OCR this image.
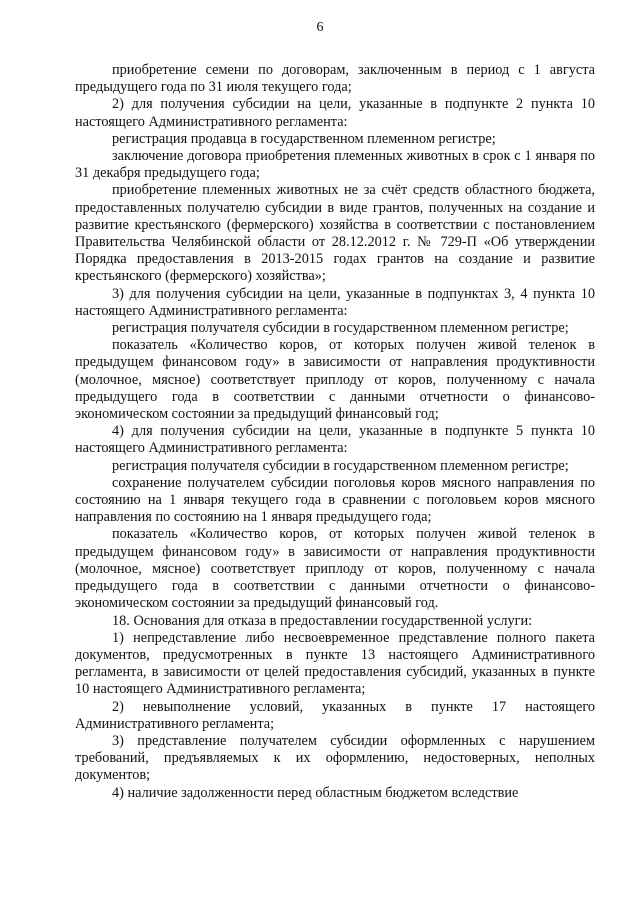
6

приобретение семени по договорам, заключенным в период с 1 августа предыдущего года по 31 июля текущего года;

2) для получения субсидии на цели, указанные в подпункте 2 пункта 10 настоящего Административного регламента:

регистрация продавца в государственном племенном регистре;

заключение договора приобретения племенных животных в срок с 1 января по 31 декабря предыдущего года;

приобретение племенных животных не за счёт средств областного бюджета, предоставленных получателю субсидии в виде грантов, полученных на создание и развитие крестьянского (фермерского) хозяйства в соответствии с постановлением Правительства Челябинской области от 28.12.2012 г. № 729-П «Об утверждении Порядка предоставления в 2013-2015 годах грантов на создание и развитие крестьянского (фермерского) хозяйства»;

3) для получения субсидии на цели, указанные в подпунктах 3, 4 пункта 10 настоящего Административного регламента:

регистрация получателя субсидии в государственном племенном регистре;

показатель «Количество коров, от которых получен живой теленок в предыдущем финансовом году» в зависимости от направления продуктивности (молочное, мясное) соответствует приплоду от коров, полученному с начала предыдущего года в соответствии с данными отчетности о финансово-экономическом состоянии за предыдущий финансовый год;

4) для получения субсидии на цели, указанные в подпункте 5 пункта 10 настоящего Административного регламента:

регистрация получателя субсидии в государственном племенном регистре;

сохранение получателем субсидии поголовья коров мясного направления по состоянию на 1 января текущего года в сравнении с поголовьем коров мясного направления по состоянию на 1 января предыдущего года;

показатель «Количество коров, от которых получен живой теленок в предыдущем финансовом году» в зависимости от направления продуктивности (молочное, мясное) соответствует приплоду от коров, полученному с начала предыдущего года в соответствии с данными отчетности о финансово-экономическом состоянии за предыдущий финансовый год.

18. Основания для отказа в предоставлении государственной услуги:

1) непредставление либо несвоевременное представление полного пакета документов, предусмотренных в пункте 13 настоящего Административного регламента, в зависимости от целей предоставления субсидий, указанных в пункте 10 настоящего Административного регламента;

2) невыполнение условий, указанных в пункте 17 настоящего Административного регламента;

3) представление получателем субсидии оформленных с нарушением требований, предъявляемых к их оформлению, недостоверных, неполных документов;

4) наличие задолженности перед областным бюджетом вследствие
